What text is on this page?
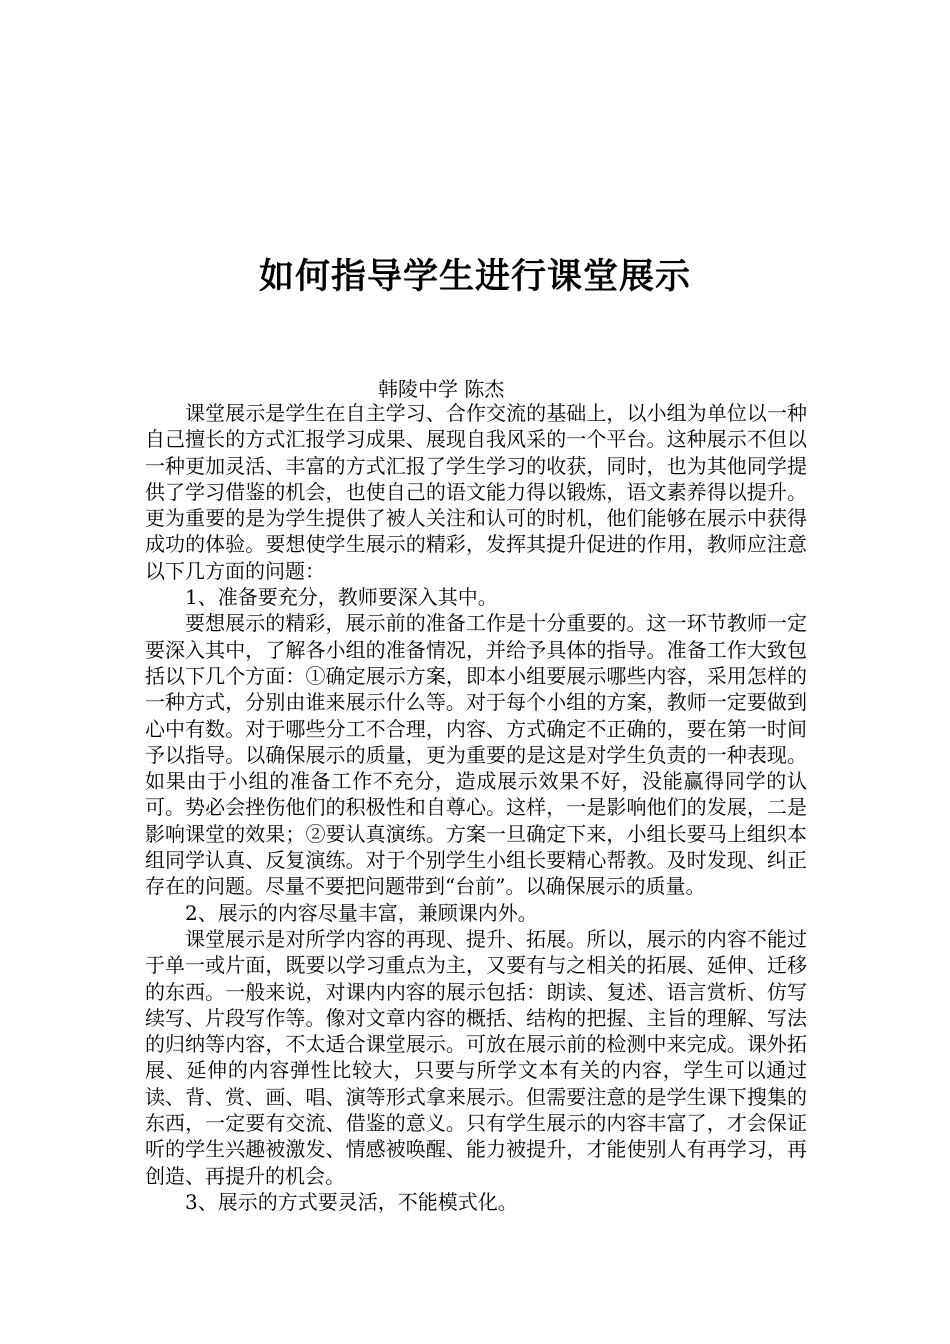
如何指导学生进行课堂展示
韩陵中学 陈杰

课堂展示是学生在自主学习、合作交流的基础上，以小组为单位以一种自己擅长的方式汇报学习成果、展现自我风采的一个平台。这种展示不但以一种更加灵活、丰富的方式汇报了学生学习的收获，同时，也为其他同学提供了学习借鉴的机会，也使自己的语文能力得以锻炼，语文素养得以提升。更为重要的是为学生提供了被人关注和认可的时机，他们能够在展示中获得成功的体验。要想使学生展示的精彩，发挥其提升促进的作用，教师应注意以下几方面的问题：

1、准备要充分，教师要深入其中。

要想展示的精彩，展示前的准备工作是十分重要的。这一环节教师一定要深入其中，了解各小组的准备情况，并给予具体的指导。准备工作大致包括以下几个方面：①确定展示方案，即本小组要展示哪些内容，采用怎样的一种方式，分别由谁来展示什么等。对于每个小组的方案，教师一定要做到心中有数。对于哪些分工不合理，内容、方式确定不正确的，要在第一时间予以指导。以确保展示的质量，更为重要的是这是对学生负责的一种表现。如果由于小组的准备工作不充分，造成展示效果不好，没能赢得同学的认可。势必会挫伤他们的积极性和自尊心。这样，一是影响他们的发展，二是影响课堂的效果；②要认真演练。方案一旦确定下来，小组长要马上组织本组同学认真、反复演练。对于个别学生小组长要精心帮教。及时发现、纠正存在的问题。尽量不要把问题带到“台前”。以确保展示的质量。

2、展示的内容尽量丰富，兼顾课内外。

课堂展示是对所学内容的再现、提升、拓展。所以，展示的内容不能过于单一或片面，既要以学习重点为主，又要有与之相关的拓展、延伸、迁移的东西。一般来说，对课内内容的展示包括：朗读、复述、语言赏析、仿写续写、片段写作等。像对文章内容的概括、结构的把握、主旨的理解、写法的归纳等内容，不太适合课堂展示。可放在展示前的检测中来完成。课外拓展、延伸的内容弹性比较大，只要与所学文本有关的内容，学生可以通过读、背、赏、画、唱、演等形式拿来展示。但需要注意的是学生课下搜集的东西，一定要有交流、借鉴的意义。只有学生展示的内容丰富了，才会保证听的学生兴趣被激发、情感被唤醒、能力被提升，才能使别人有再学习，再创造、再提升的机会。

3、展示的方式要灵活，不能模式化。
